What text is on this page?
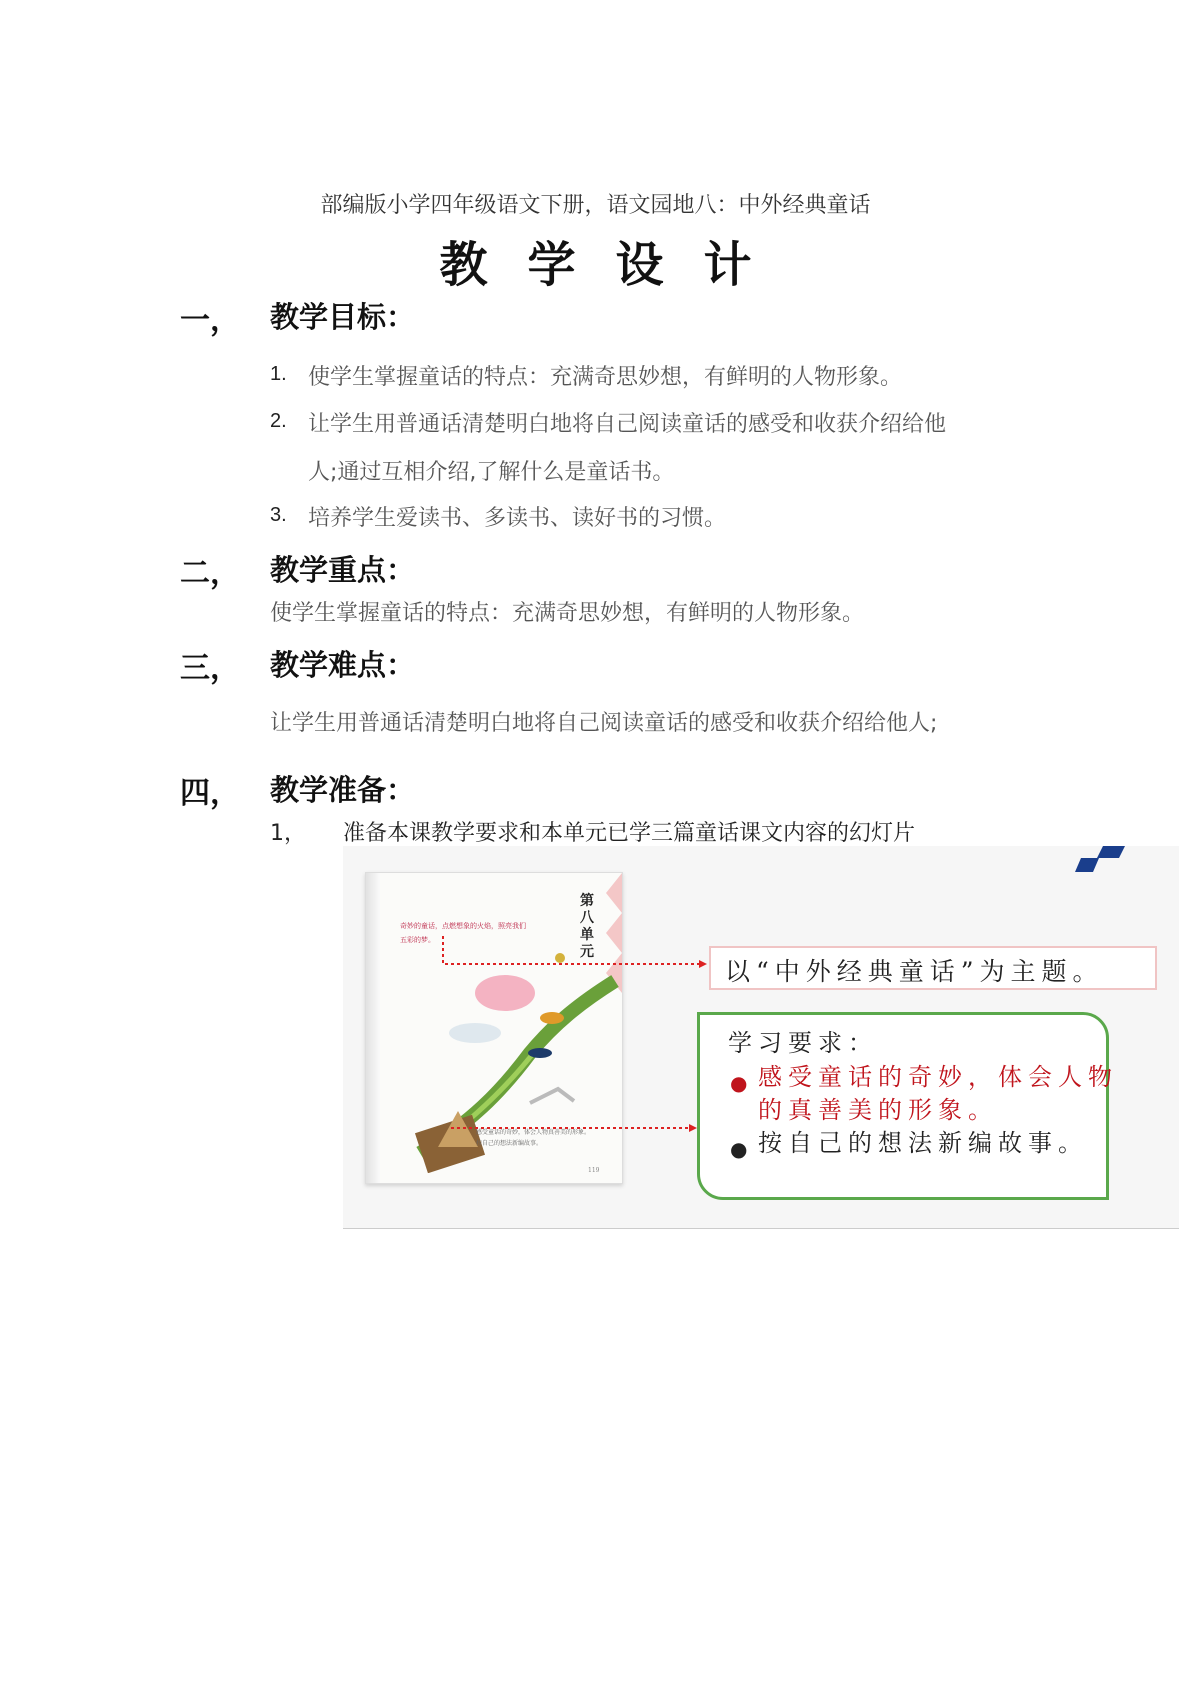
部编版小学四年级语文下册，语文园地八：中外经典童话
教学设计
一， 教学目标：
1. 使学生掌握童话的特点：充满奇思妙想，有鲜明的人物形象。
2. 让学生用普通话清楚明白地将自己阅读童话的感受和收获介绍给他
人;通过互相介绍,了解什么是童话书。
3. 培养学生爱读书、多读书、读好书的习惯。
二， 教学重点：
使学生掌握童话的特点：充满奇思妙想，有鲜明的人物形象。
三， 教学难点：
让学生用普通话清楚明白地将自己阅读童话的感受和收获介绍给他人;
四， 教学准备：
1， 准备本课教学要求和本单元已学三篇童话课文内容的幻灯片
第八单元
奇妙的童话，点燃想象的火焰，照亮我们五彩的梦。
感受童话的奇妙，体会人物真善美的形象。
按自己的想法新编故事。
119
以“中外经典童话”为主题。
学习要求：
● 感受童话的奇妙，体会人物的真善美的形象。
● 按自己的想法新编故事。
